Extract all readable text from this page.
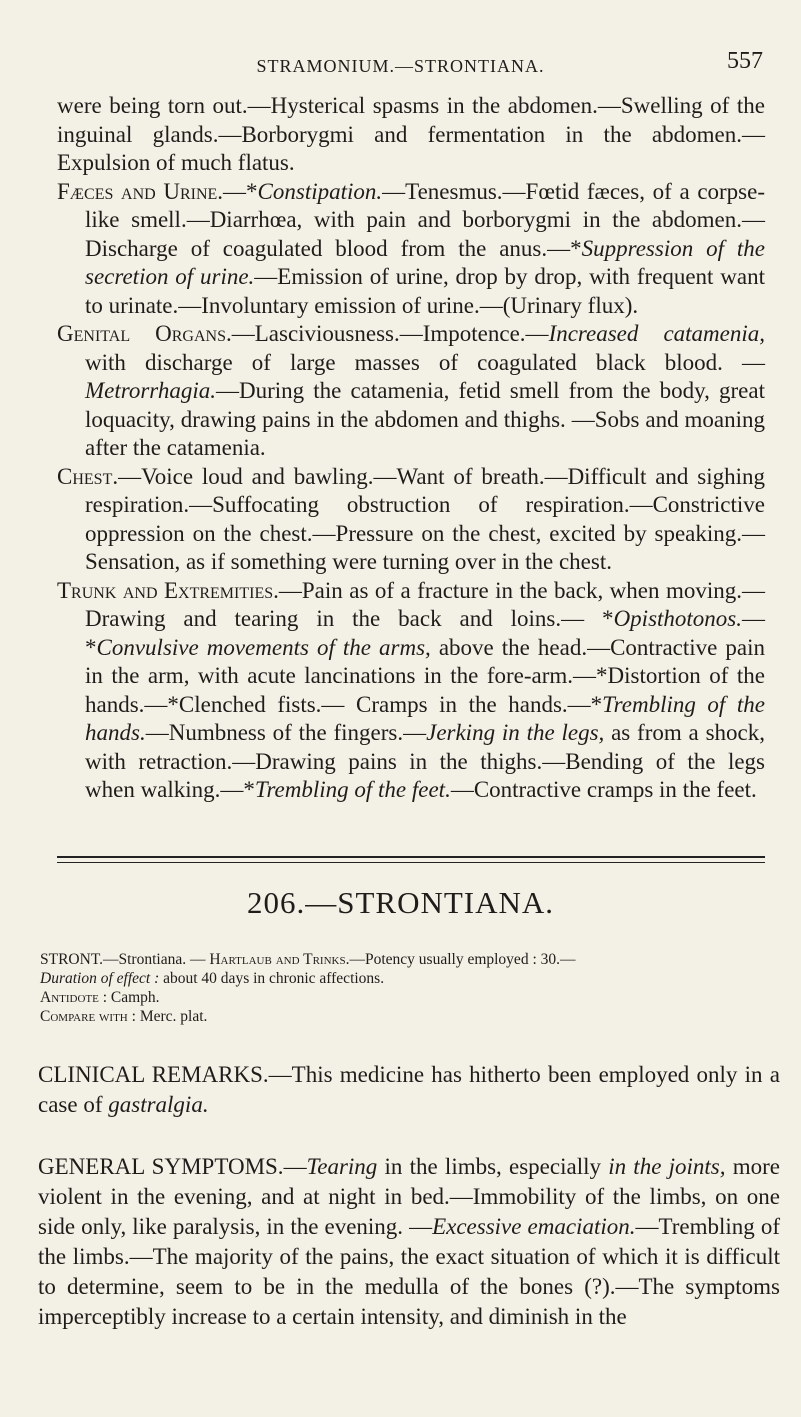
STRAMONIUM.—STRONTIANA.	557

were being torn out.—Hysterical spasms in the abdomen.—Swelling of the inguinal glands.—Borborygmi and fermentation in the abdomen.—Expulsion of much flatus.

Fæces and Urine.—*Constipation.—Tenesmus.—Fœtid fæces, of a corpse-like smell.—Diarrhœa, with pain and borborygmi in the abdomen.—Discharge of coagulated blood from the anus.—*Suppression of the secretion of urine.—Emission of urine, drop by drop, with frequent want to urinate.—Involuntary emission of urine.—(Urinary flux).

Genital Organs.—Lasciviousness.—Impotence.—Increased catamenia, with discharge of large masses of coagulated black blood. —Metrorrhagia.—During the catamenia, fetid smell from the body, great loquacity, drawing pains in the abdomen and thighs. —Sobs and moaning after the catamenia.

Chest.—Voice loud and bawling.—Want of breath.—Difficult and sighing respiration.—Suffocating obstruction of respiration.—Constrictive oppression on the chest.—Pressure on the chest, excited by speaking.—Sensation, as if something were turning over in the chest.

Trunk and Extremities.—Pain as of a fracture in the back, when moving.—Drawing and tearing in the back and loins.— *Opisthotonos.—*Convulsive movements of the arms, above the head.—Contractive pain in the arm, with acute lancinations in the fore-arm.—*Distortion of the hands.—*Clenched fists.— Cramps in the hands.—*Trembling of the hands.—Numbness of the fingers.—Jerking in the legs, as from a shock, with retraction.—Drawing pains in the thighs.—Bending of the legs when walking.—*Trembling of the feet.—Contractive cramps in the feet.

206.—STRONTIANA.

STRONT.—Strontiana. — Hartlaub and Trinks.—Potency usually employed : 30.—

Duration of effect : about 40 days in chronic affections.

Antidote : Camph.

Compare with : Merc. plat.

CLINICAL REMARKS.—This medicine has hitherto been employed only in a case of gastralgia.

GENERAL SYMPTOMS.—Tearing in the limbs, especially in the joints, more violent in the evening, and at night in bed.—Immobility of the limbs, on one side only, like paralysis, in the evening. —Excessive emaciation.—Trembling of the limbs.—The majority of the pains, the exact situation of which it is difficult to determine, seem to be in the medulla of the bones (?).—The symptoms imperceptibly increase to a certain intensity, and diminish in the
